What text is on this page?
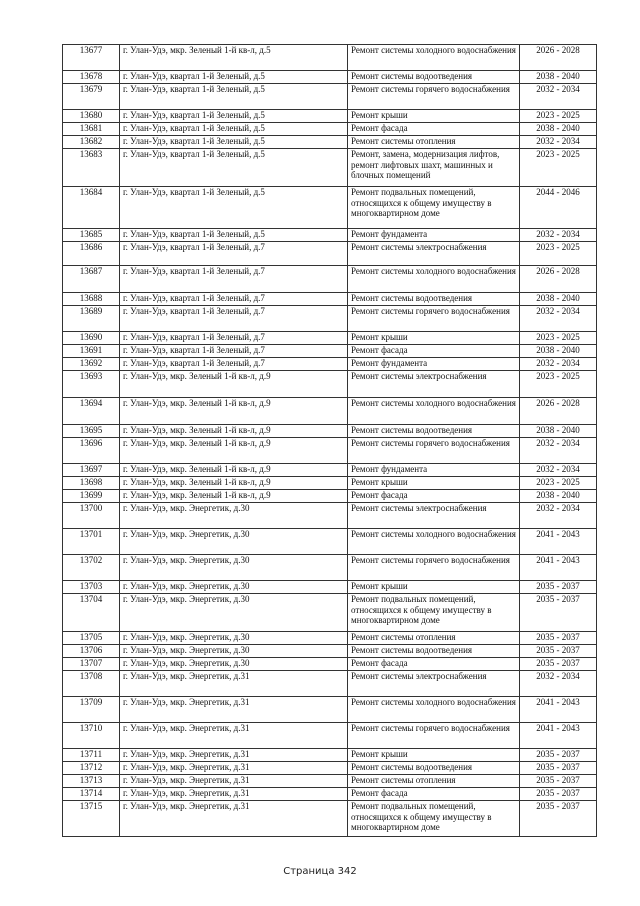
13677	г. Улан-Удэ, мкр. Зеленый 1-й кв-л, д.5	Ремонт системы холодного водоснабжения	2026 - 2028
13678	г. Улан-Удэ, квартал 1-й Зеленый, д.5	Ремонт системы водоотведения	2038 - 2040
13679	г. Улан-Удэ, квартал 1-й Зеленый, д.5	Ремонт системы горячего водоснабжения	2032 - 2034
13680	г. Улан-Удэ, квартал 1-й Зеленый, д.5	Ремонт крыши	2023 - 2025
13681	г. Улан-Удэ, квартал 1-й Зеленый, д.5	Ремонт фасада	2038 - 2040
13682	г. Улан-Удэ, квартал 1-й Зеленый, д.5	Ремонт системы отопления	2032 - 2034
13683	г. Улан-Удэ, квартал 1-й Зеленый, д.5	Ремонт, замена, модернизация лифтов, ремонт лифтовых шахт, машинных и блочных помещений	2023 - 2025
13684	г. Улан-Удэ, квартал 1-й Зеленый, д.5	Ремонт подвальных помещений, относящихся к общему имуществу в многоквартирном доме	2044 - 2046
13685	г. Улан-Удэ, квартал 1-й Зеленый, д.5	Ремонт фундамента	2032 - 2034
13686	г. Улан-Удэ, квартал 1-й Зеленый, д.7	Ремонт системы электроснабжения	2023 - 2025
13687	г. Улан-Удэ, квартал 1-й Зеленый, д.7	Ремонт системы холодного водоснабжения	2026 - 2028
13688	г. Улан-Удэ, квартал 1-й Зеленый, д.7	Ремонт системы водоотведения	2038 - 2040
13689	г. Улан-Удэ, квартал 1-й Зеленый, д.7	Ремонт системы горячего водоснабжения	2032 - 2034
13690	г. Улан-Удэ, квартал 1-й Зеленый, д.7	Ремонт крыши	2023 - 2025
13691	г. Улан-Удэ, квартал 1-й Зеленый, д.7	Ремонт фасада	2038 - 2040
13692	г. Улан-Удэ, квартал 1-й Зеленый, д.7	Ремонт фундамента	2032 - 2034
13693	г. Улан-Удэ, мкр. Зеленый 1-й кв-л, д.9	Ремонт системы электроснабжения	2023 - 2025
13694	г. Улан-Удэ, мкр. Зеленый 1-й кв-л, д.9	Ремонт системы холодного водоснабжения	2026 - 2028
13695	г. Улан-Удэ, мкр. Зеленый 1-й кв-л, д.9	Ремонт системы водоотведения	2038 - 2040
13696	г. Улан-Удэ, мкр. Зеленый 1-й кв-л, д.9	Ремонт системы горячего водоснабжения	2032 - 2034
13697	г. Улан-Удэ, мкр. Зеленый 1-й кв-л, д.9	Ремонт фундамента	2032 - 2034
13698	г. Улан-Удэ, мкр. Зеленый 1-й кв-л, д.9	Ремонт крыши	2023 - 2025
13699	г. Улан-Удэ, мкр. Зеленый 1-й кв-л, д.9	Ремонт фасада	2038 - 2040
13700	г. Улан-Удэ, мкр. Энергетик, д.30	Ремонт системы электроснабжения	2032 - 2034
13701	г. Улан-Удэ, мкр. Энергетик, д.30	Ремонт системы холодного водоснабжения	2041 - 2043
13702	г. Улан-Удэ, мкр. Энергетик, д.30	Ремонт системы горячего водоснабжения	2041 - 2043
13703	г. Улан-Удэ, мкр. Энергетик, д.30	Ремонт крыши	2035 - 2037
13704	г. Улан-Удэ, мкр. Энергетик, д.30	Ремонт подвальных помещений, относящихся к общему имуществу в многоквартирном доме	2035 - 2037
13705	г. Улан-Удэ, мкр. Энергетик, д.30	Ремонт системы отопления	2035 - 2037
13706	г. Улан-Удэ, мкр. Энергетик, д.30	Ремонт системы водоотведения	2035 - 2037
13707	г. Улан-Удэ, мкр. Энергетик, д.30	Ремонт фасада	2035 - 2037
13708	г. Улан-Удэ, мкр. Энергетик, д.31	Ремонт системы электроснабжения	2032 - 2034
13709	г. Улан-Удэ, мкр. Энергетик, д.31	Ремонт системы холодного водоснабжения	2041 - 2043
13710	г. Улан-Удэ, мкр. Энергетик, д.31	Ремонт системы горячего водоснабжения	2041 - 2043
13711	г. Улан-Удэ, мкр. Энергетик, д.31	Ремонт крыши	2035 - 2037
13712	г. Улан-Удэ, мкр. Энергетик, д.31	Ремонт системы водоотведения	2035 - 2037
13713	г. Улан-Удэ, мкр. Энергетик, д.31	Ремонт системы отопления	2035 - 2037
13714	г. Улан-Удэ, мкр. Энергетик, д.31	Ремонт фасада	2035 - 2037
13715	г. Улан-Удэ, мкр. Энергетик, д.31	Ремонт подвальных помещений, относящихся к общему имуществу в многоквартирном доме	2035 - 2037
Страница 342
